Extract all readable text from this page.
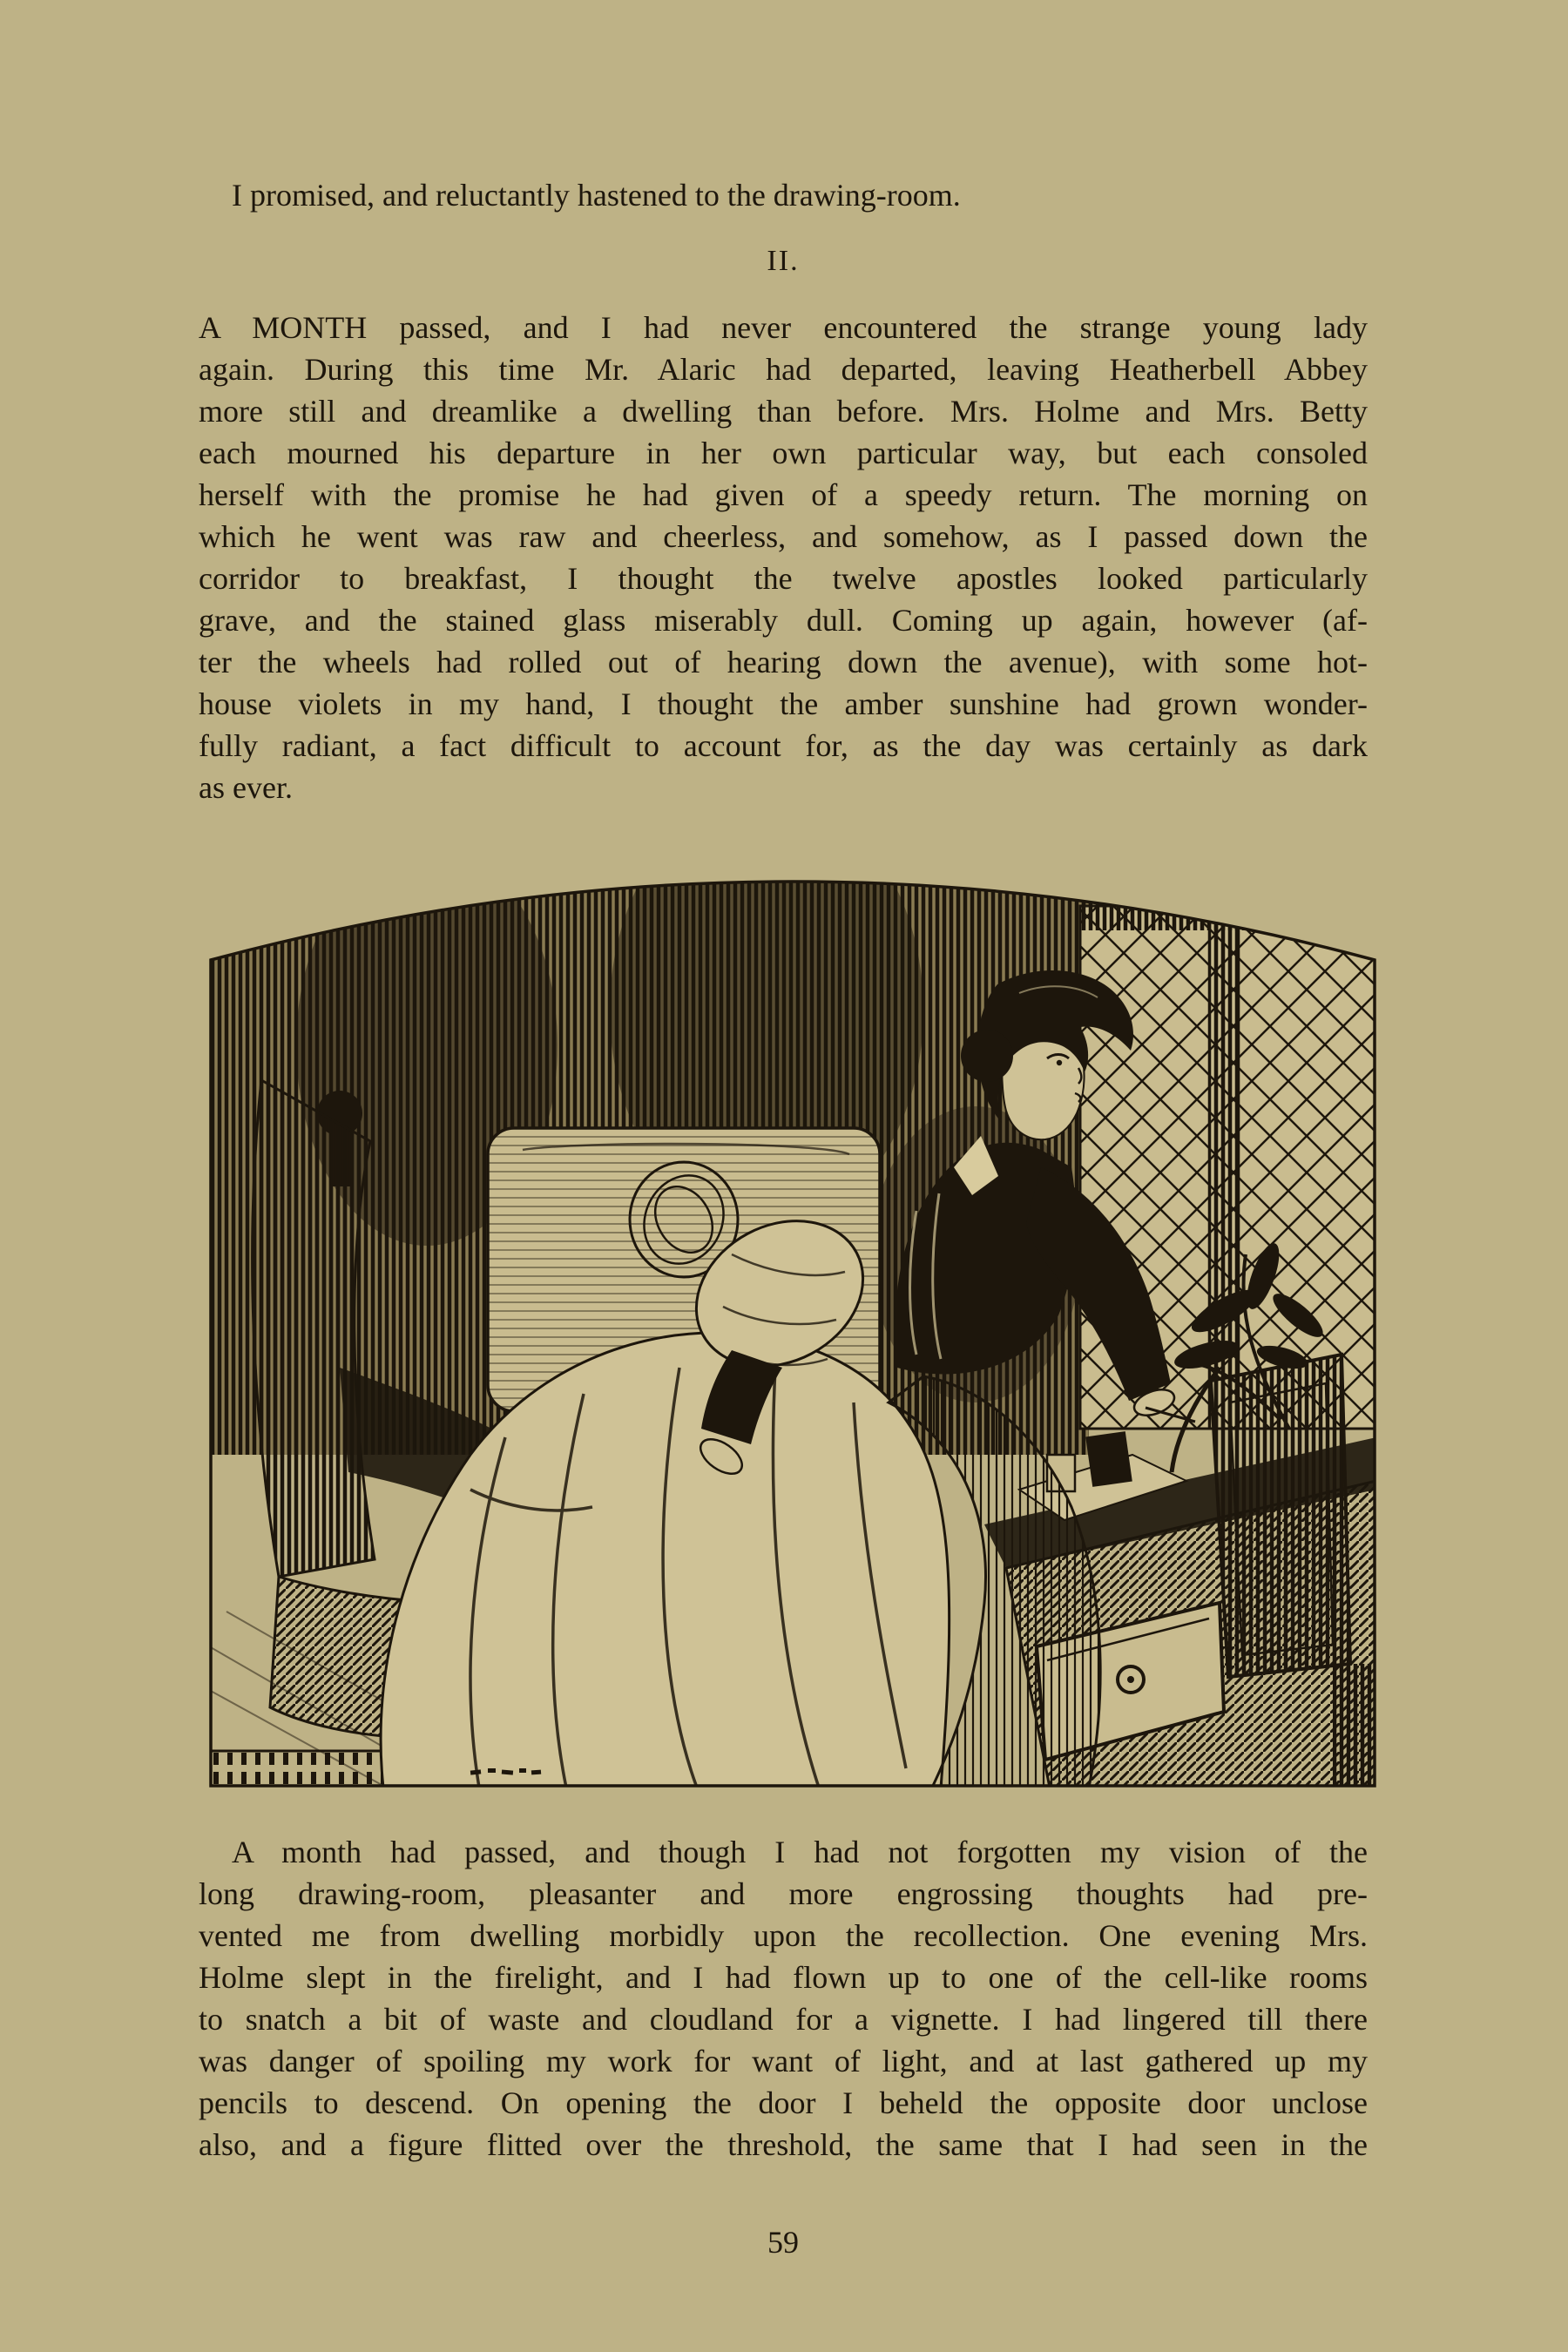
I promised, and reluctantly hastened to the drawing-room.
II.
A MONTH passed, and I had never encountered the strange young lady
again. During this time Mr. Alaric had departed, leaving Heatherbell Abbey
more still and dreamlike a dwelling than before. Mrs. Holme and Mrs. Betty
each mourned his departure in her own particular way, but each consoled
herself with the promise he had given of a speedy return. The morning on
which he went was raw and cheerless, and somehow, as I passed down the
corridor to breakfast, I thought the twelve apostles looked particularly
grave, and the stained glass miserably dull. Coming up again, however (af-
ter the wheels had rolled out of hearing down the avenue), with some hot-
house violets in my hand, I thought the amber sunshine had grown wonder-
fully radiant, a fact difficult to account for, as the day was certainly as dark
as ever.
A month had passed, and though I had not forgotten my vision of the
long drawing-room, pleasanter and more engrossing thoughts had pre-
vented me from dwelling morbidly upon the recollection. One evening Mrs.
Holme slept in the firelight, and I had flown up to one of the cell-like rooms
to snatch a bit of waste and cloudland for a vignette. I had lingered till there
was danger of spoiling my work for want of light, and at last gathered up my
pencils to descend. On opening the door I beheld the opposite door unclose
also, and a figure flitted over the threshold, the same that I had seen in the
59
